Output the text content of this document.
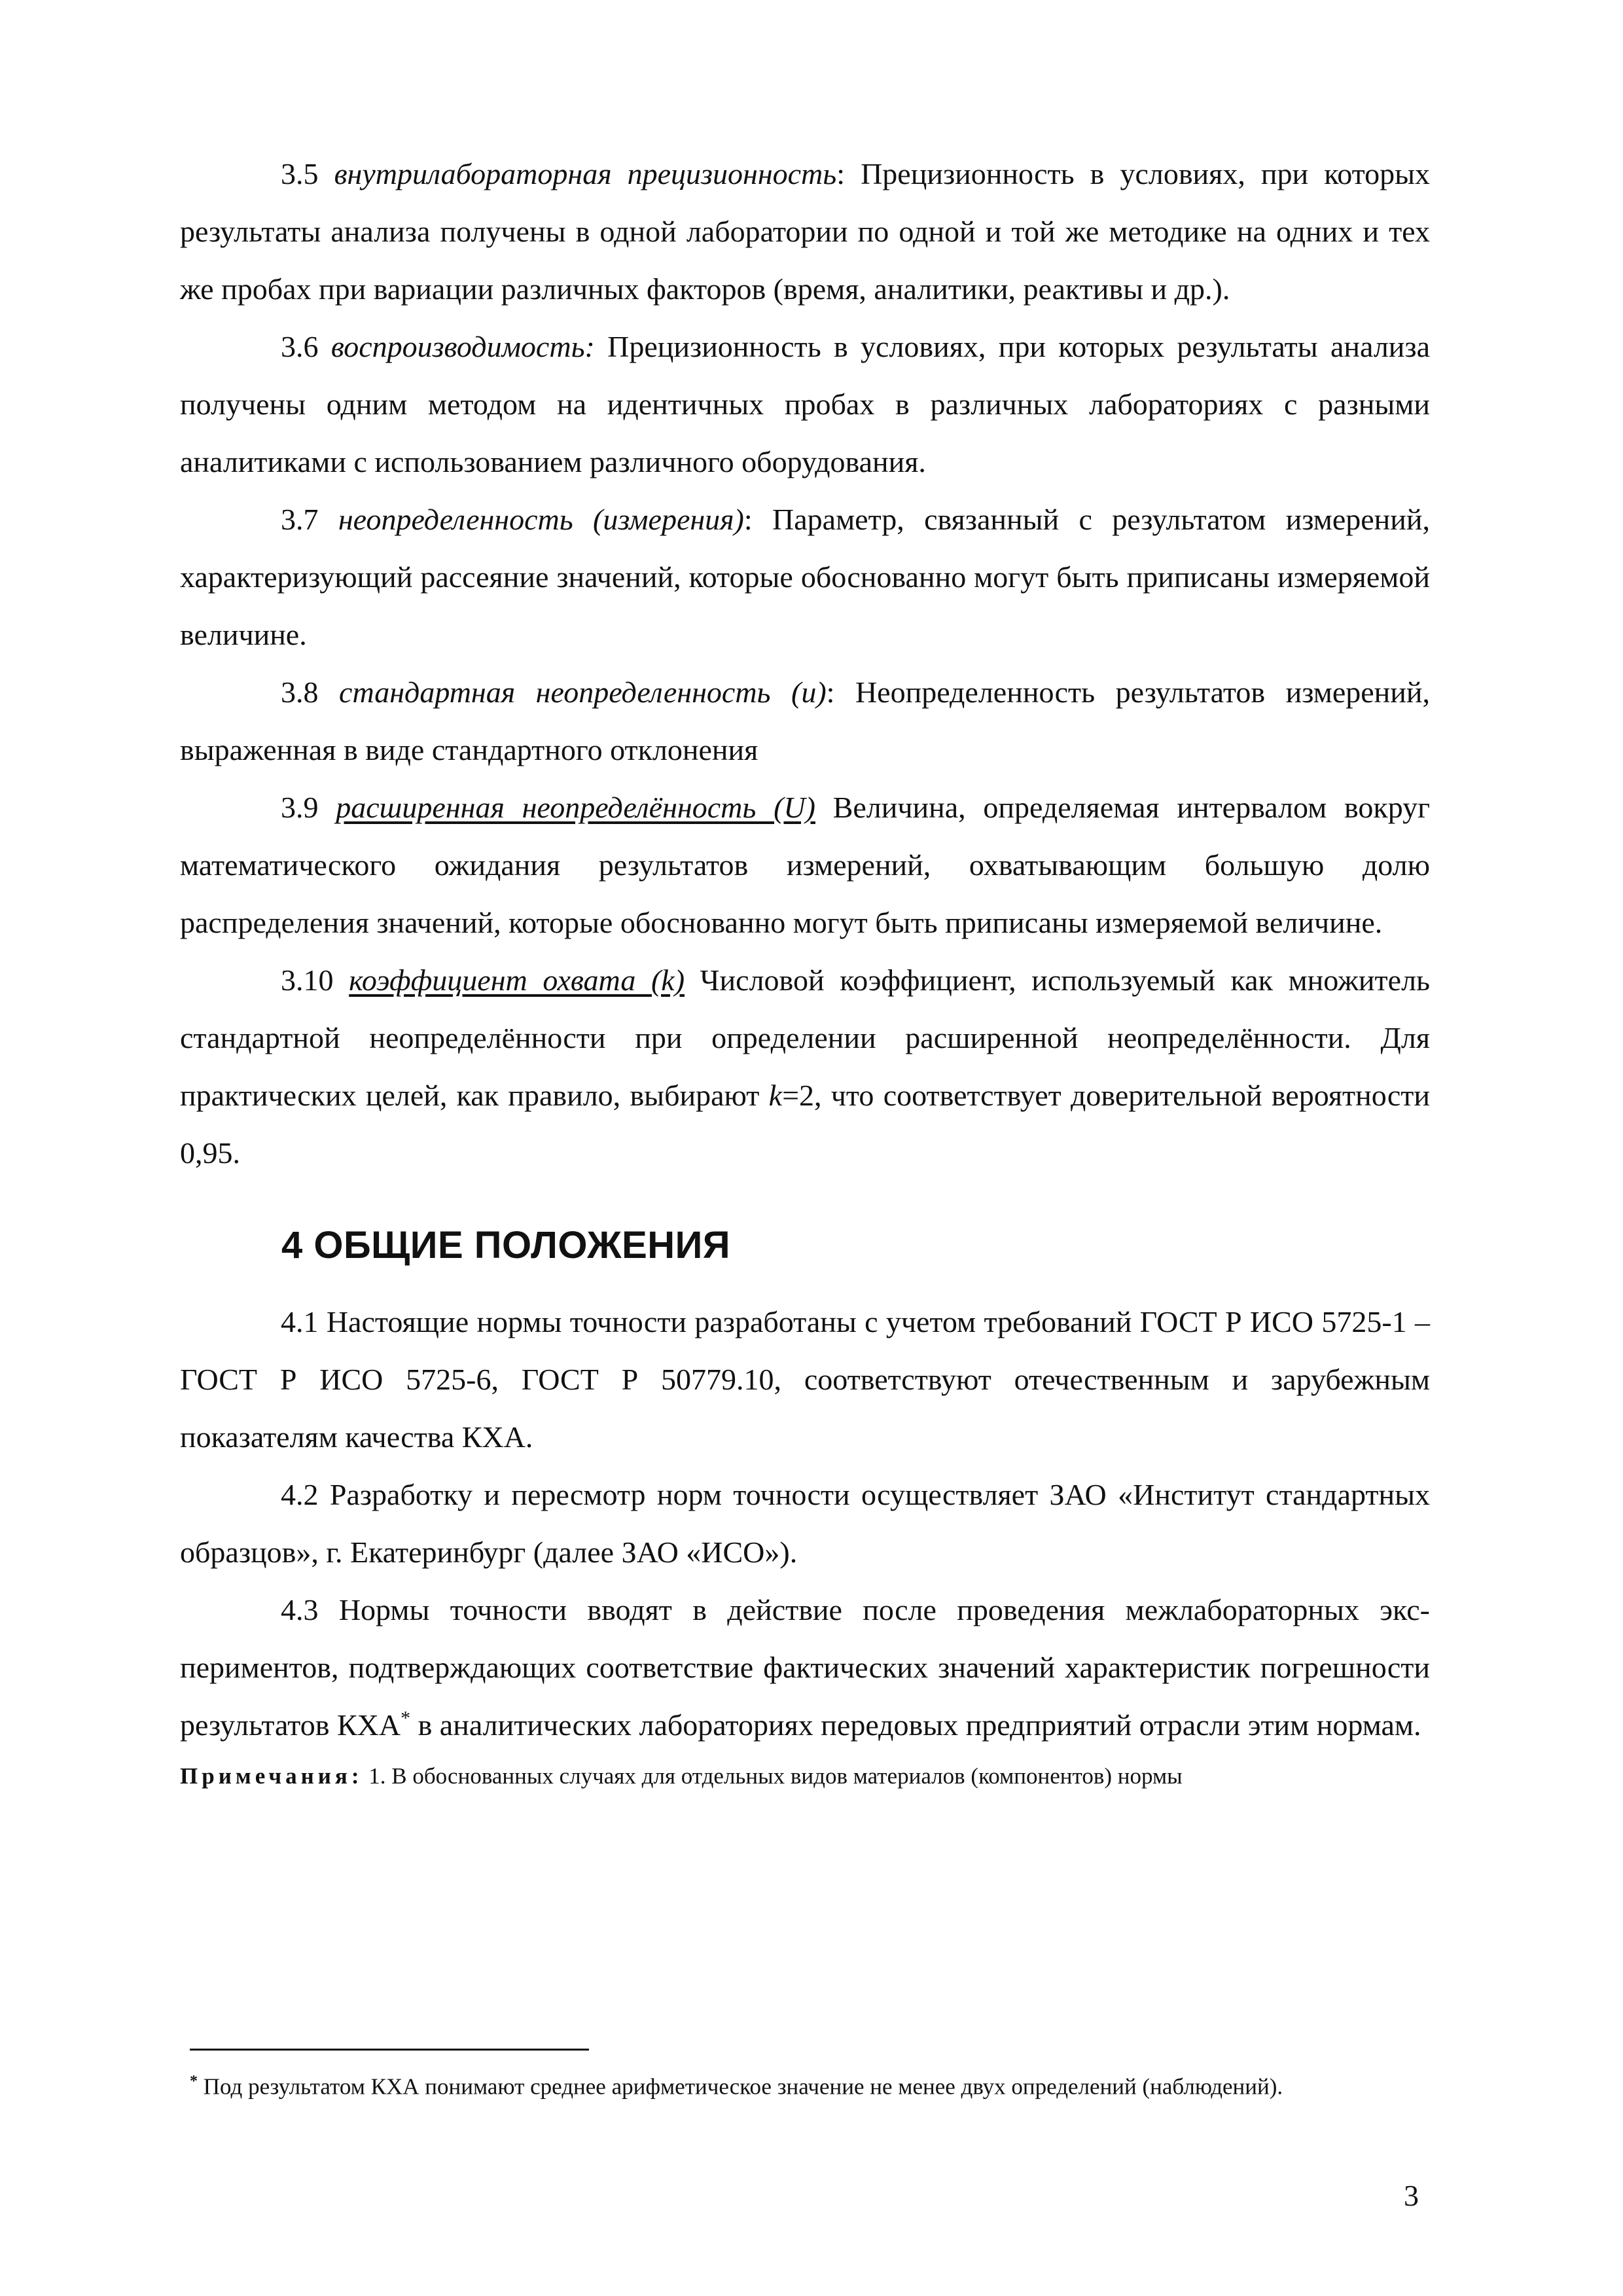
3.5 внутрилабораторная прецизионность: Прецизионность в условиях, при которых результаты анализа получены в одной лаборатории по одной и той же методике на одних и тех же пробах при вариации различных факторов (время, аналитики, реактивы и др.).

3.6 воспроизводимость: Прецизионность в условиях, при которых результаты анализа получены одним методом на идентичных пробах в различных лабораториях с разными аналитиками с использованием различного оборудования.

3.7 неопределенность (измерения): Параметр, связанный с результатом измерений, характеризующий рассеяние значений, которые обоснованно могут быть приписаны измеряемой величине.

3.8 стандартная неопределенность (u): Неопределенность результатов измерений, выраженная в виде стандартного отклонения

3.9 расширенная неопределённость (U) Величина, определяемая интервалом вокруг математического ожидания результатов измерений, охватывающим большую долю распределения значений, которые обоснованно могут быть приписаны измеряемой величине.

3.10 коэффициент охвата (k) Числовой коэффициент, используемый как множитель стандартной неопределённости при определении расширенной неопределённости. Для практических целей, как правило, выбирают k=2, что соответствует доверительной вероятности 0,95.

4 ОБЩИЕ ПОЛОЖЕНИЯ

4.1 Настоящие нормы точности разработаны с учетом требований ГОСТ Р ИСО 5725-1 – ГОСТ Р ИСО 5725-6, ГОСТ Р 50779.10, соответствуют отечественным и зарубежным показателям качества КХА.

4.2 Разработку и пересмотр норм точности осуществляет ЗАО «Институт стандартных образцов», г. Екатеринбург (далее ЗАО «ИСО»).

4.3 Нормы точности вводят в действие после проведения межлабораторных экспериментов, подтверждающих соответствие фактических значений характеристик погрешности результатов КХА* в аналитических лабораториях передовых предприятий отрасли этим нормам.

Примечания: 1. В обоснованных случаях для отдельных видов материалов (компонентов) нормы

* Под результатом КХА понимают среднее арифметическое значение не менее двух определений (наблюдений).

3
